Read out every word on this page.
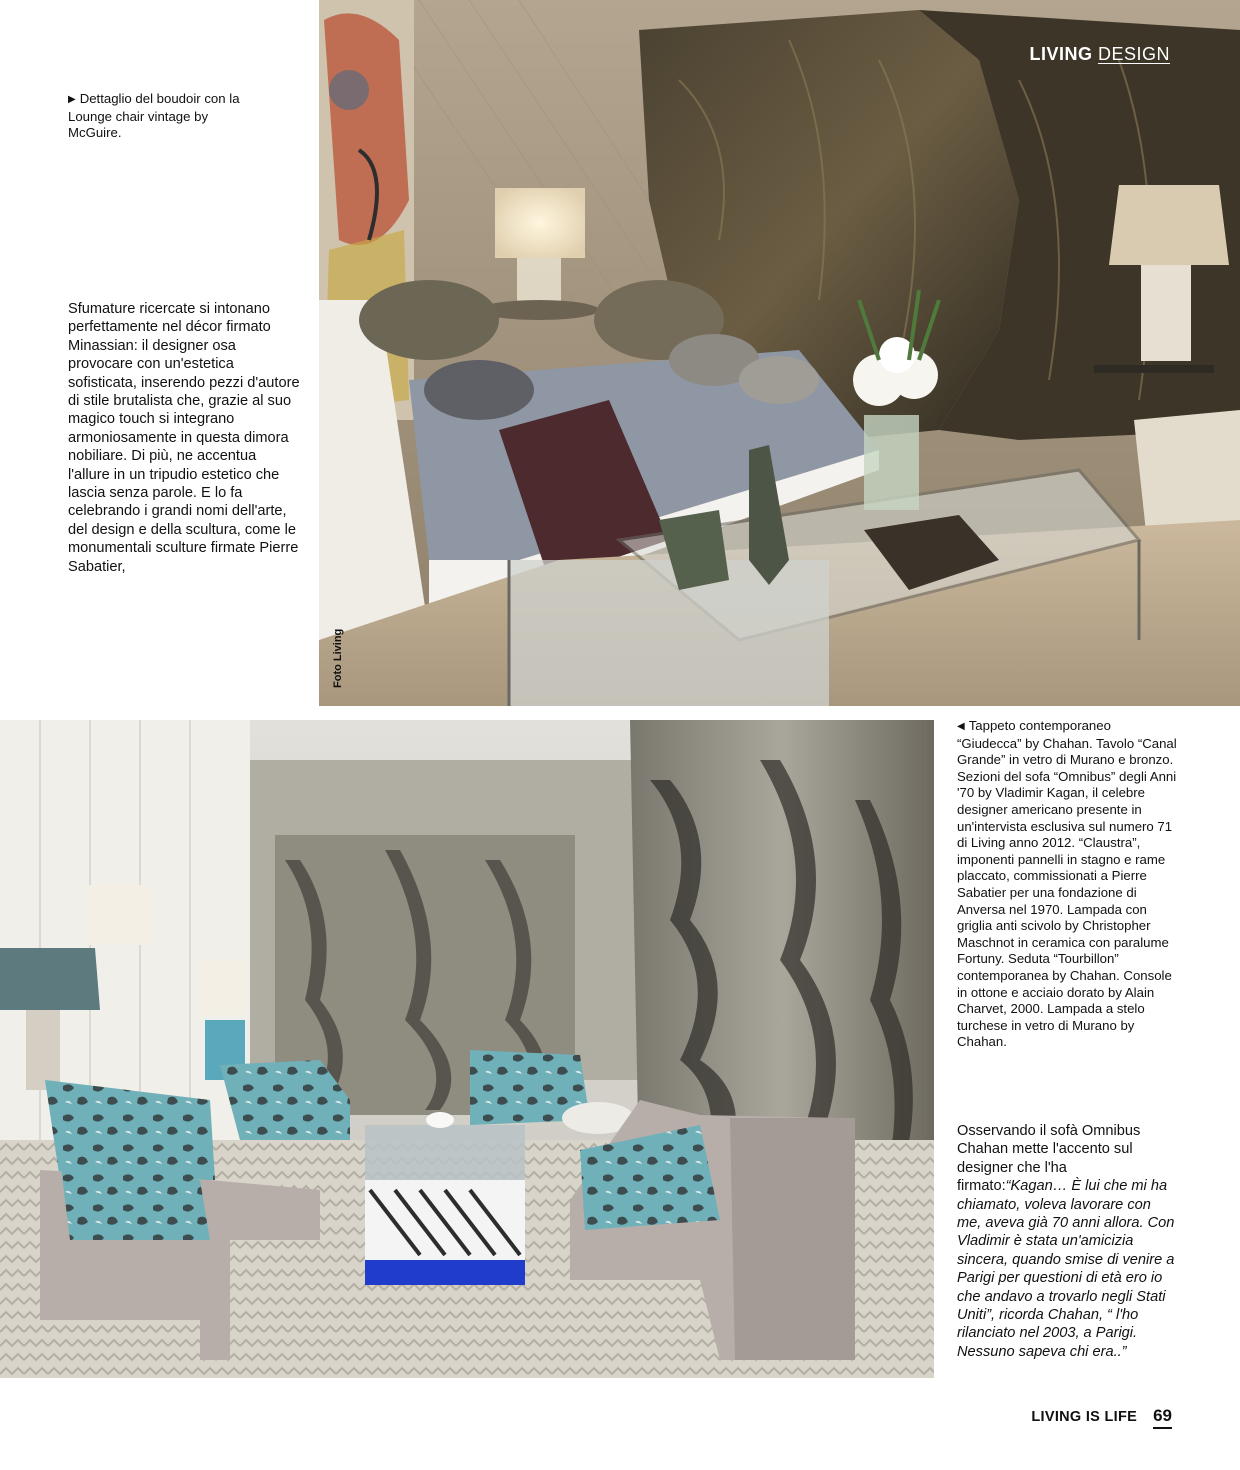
LIVING DESIGN
▶ Dettaglio del boudoir con la Lounge chair vintage by McGuire.
Sfumature ricercate si intonano perfettamente nel décor firmato Minassian: il designer osa provocare con un'estetica sofisticata, inserendo pezzi d'autore di stile brutalista che, grazie al suo magico touch si integrano armoniosamente in questa dimora nobiliare. Di più, ne accentua l'allure in un tripudio estetico che lascia senza parole. E lo fa celebrando i grandi nomi dell'arte, del design e della scultura, come le monumentali sculture firmate Pierre Sabatier,
Foto Living
◀ Tappeto contemporaneo “Giudecca” by Chahan. Tavolo “Canal Grande” in vetro di Murano e bronzo. Sezioni del sofa “Omnibus” degli Anni '70 by Vladimir Kagan, il celebre designer americano presente in un'intervista esclusiva sul numero 71 di Living anno 2012. “Claustra”, imponenti pannelli in stagno e rame placcato, commissionati a Pierre Sabatier per una fondazione di Anversa nel 1970. Lampada con griglia anti scivolo by Christopher Maschnot in ceramica con paralume Fortuny. Seduta “Tourbillon” contemporanea by Chahan. Console in ottone e acciaio dorato by Alain Charvet, 2000. Lampada a stelo turchese in vetro di Murano by Chahan.
Osservando il sofà Omnibus Chahan mette l'accento sul designer che l'ha firmato:“Kagan… È lui che mi ha chiamato, voleva lavorare con me, aveva già 70 anni allora. Con Vladimir è stata un'amicizia sincera, quando smise di venire a Parigi per questioni di età ero io che andavo a trovarlo negli Stati Uniti”, ricorda Chahan, “ l'ho rilanciato nel 2003, a Parigi. Nessuno sapeva chi era..”
LIVING IS LIFE 69
